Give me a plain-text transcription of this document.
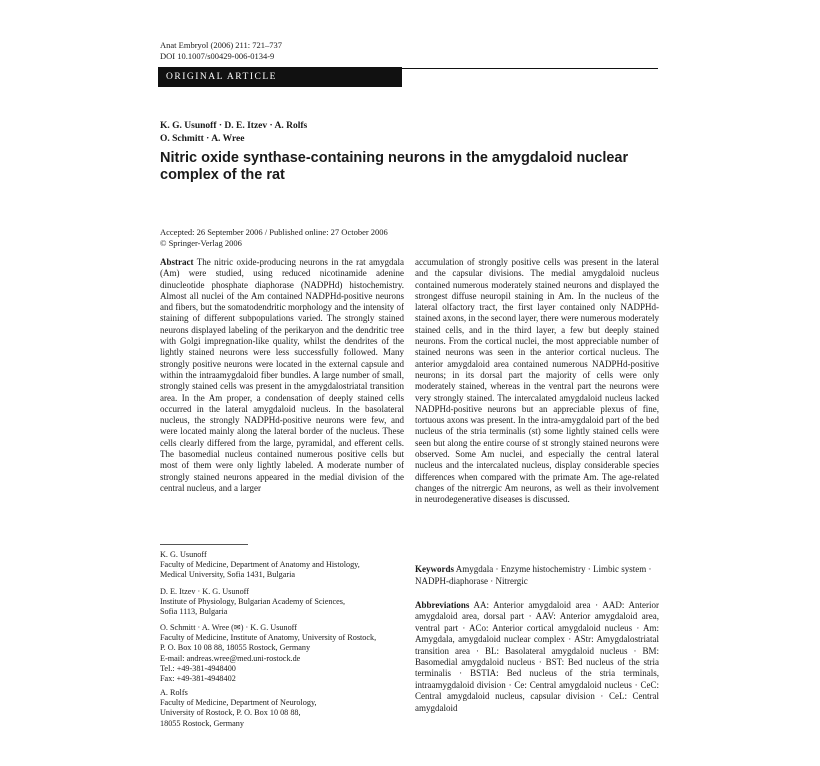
Anat Embryol (2006) 211: 721–737
DOI 10.1007/s00429-006-0134-9
ORIGINAL ARTICLE
K. G. Usunoff · D. E. Itzev · A. Rolfs
O. Schmitt · A. Wree
Nitric oxide synthase-containing neurons in the amygdaloid nuclear complex of the rat
Accepted: 26 September 2006 / Published online: 27 October 2006
© Springer-Verlag 2006
Abstract The nitric oxide-producing neurons in the rat amygdala (Am) were studied, using reduced nicotinamide adenine dinucleotide phosphate diaphorase (NADPHd) histochemistry. Almost all nuclei of the Am contained NADPHd-positive neurons and fibers, but the somatodendritic morphology and the intensity of staining of different subpopulations varied. The strongly stained neurons displayed labeling of the perikaryon and the dendritic tree with Golgi impregnation-like quality, whilst the dendrites of the lightly stained neurons were less successfully followed. Many strongly positive neurons were located in the external capsule and within the intraamygdaloid fiber bundles. A large number of small, strongly stained cells was present in the amygdalostriatal transition area. In the Am proper, a condensation of deeply stained cells occurred in the lateral amygdaloid nucleus. In the basolateral nucleus, the strongly NADPHd-positive neurons were few, and were located mainly along the lateral border of the nucleus. These cells clearly differed from the large, pyramidal, and efferent cells. The basomedial nucleus contained numerous positive cells but most of them were only lightly labeled. A moderate number of strongly stained neurons appeared in the medial division of the central nucleus, and a larger
accumulation of strongly positive cells was present in the lateral and the capsular divisions. The medial amygdaloid nucleus contained numerous moderately stained neurons and displayed the strongest diffuse neuropil staining in Am. In the nucleus of the lateral olfactory tract, the first layer contained only NADPHd-stained axons, in the second layer, there were numerous moderately stained cells, and in the third layer, a few but deeply stained neurons. From the cortical nuclei, the most appreciable number of stained neurons was seen in the anterior cortical nucleus. The anterior amygdaloid area contained numerous NADPHd-positive neurons; in its dorsal part the majority of cells were only moderately stained, whereas in the ventral part the neurons were very strongly stained. The intercalated amygdaloid nucleus lacked NADPHd-positive neurons but an appreciable plexus of fine, tortuous axons was present. In the intra-amygdaloid part of the bed nucleus of the stria terminalis (st) some lightly stained cells were seen but along the entire course of st strongly stained neurons were observed. Some Am nuclei, and especially the central lateral nucleus and the intercalated nucleus, display considerable species differences when compared with the primate Am. The age-related changes of the nitrergic Am neurons, as well as their involvement in neurodegenerative diseases is discussed.
K. G. Usunoff
Faculty of Medicine, Department of Anatomy and Histology,
Medical University, Sofia 1431, Bulgaria
D. E. Itzev · K. G. Usunoff
Institute of Physiology, Bulgarian Academy of Sciences,
Sofia 1113, Bulgaria
O. Schmitt · A. Wree (✉) · K. G. Usunoff
Faculty of Medicine, Institute of Anatomy, University of Rostock,
P. O. Box 10 08 88, 18055 Rostock, Germany
E-mail: andreas.wree@med.uni-rostock.de
Tel.: +49-381-4948400
Fax: +49-381-4948402
A. Rolfs
Faculty of Medicine, Department of Neurology,
University of Rostock, P. O. Box 10 08 88,
18055 Rostock, Germany
Keywords Amygdala · Enzyme histochemistry · Limbic system · NADPH-diaphorase · Nitrergic
Abbreviations AA: Anterior amygdaloid area · AAD: Anterior amygdaloid area, dorsal part · AAV: Anterior amygdaloid area, ventral part · ACo: Anterior cortical amygdaloid nucleus · Am: Amygdala, amygdaloid nuclear complex · AStr: Amygdalostriatal transition area · BL: Basolateral amygdaloid nucleus · BM: Basomedial amygdaloid nucleus · BST: Bed nucleus of the stria terminalis · BSTIA: Bed nucleus of the stria terminals, intraamygdaloid division · Ce: Central amygdaloid nucleus · CeC: Central amygdaloid nucleus, capsular division · CeL: Central amygdaloid
